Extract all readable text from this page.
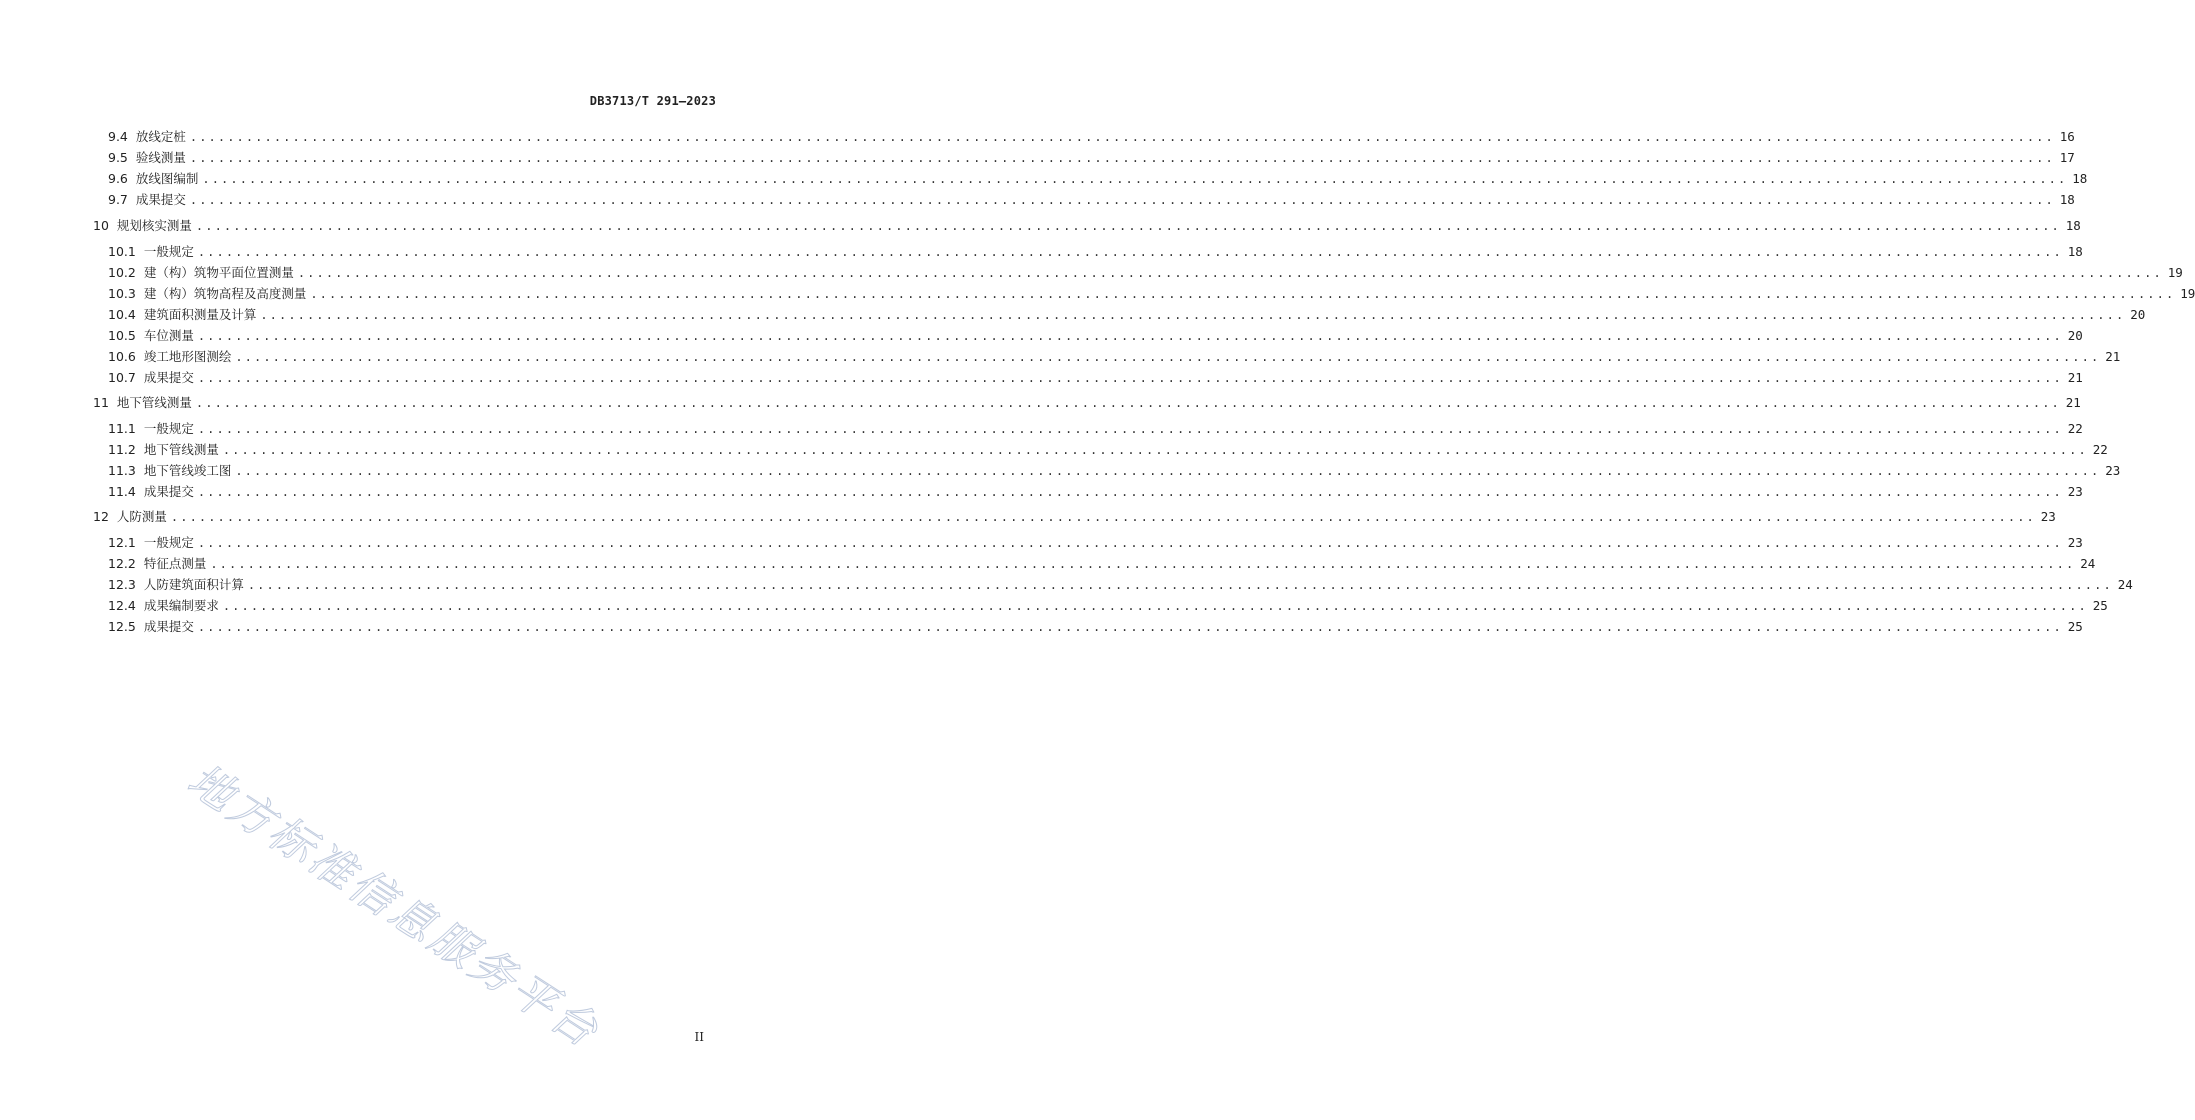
DB3713/T 291—2023
9.4 放线定桩 ........................................................................................................................................................................................................ 16
9.5 验线测量 ........................................................................................................................................................................................................ 17
9.6 放线图编制 ........................................................................................................................................................................................................ 18
9.7 成果提交 ........................................................................................................................................................................................................ 18
10 规划核实测量 ........................................................................................................................................................................................................ 18
10.1 一般规定 ........................................................................................................................................................................................................ 18
10.2 建（构）筑物平面位置测量 ........................................................................................................................................................................................................ 19
10.3 建（构）筑物高程及高度测量 ........................................................................................................................................................................................................ 19
10.4 建筑面积测量及计算 ........................................................................................................................................................................................................ 20
10.5 车位测量 ........................................................................................................................................................................................................ 20
10.6 竣工地形图测绘 ........................................................................................................................................................................................................ 21
10.7 成果提交 ........................................................................................................................................................................................................ 21
11 地下管线测量 ........................................................................................................................................................................................................ 21
11.1 一般规定 ........................................................................................................................................................................................................ 22
11.2 地下管线测量 ........................................................................................................................................................................................................ 22
11.3 地下管线竣工图 ........................................................................................................................................................................................................ 23
11.4 成果提交 ........................................................................................................................................................................................................ 23
12 人防测量 ........................................................................................................................................................................................................ 23
12.1 一般规定 ........................................................................................................................................................................................................ 23
12.2 特征点测量 ........................................................................................................................................................................................................ 24
12.3 人防建筑面积计算 ........................................................................................................................................................................................................ 24
12.4 成果编制要求 ........................................................................................................................................................................................................ 25
12.5 成果提交 ........................................................................................................................................................................................................ 25
地方标准信息服务平台	II
